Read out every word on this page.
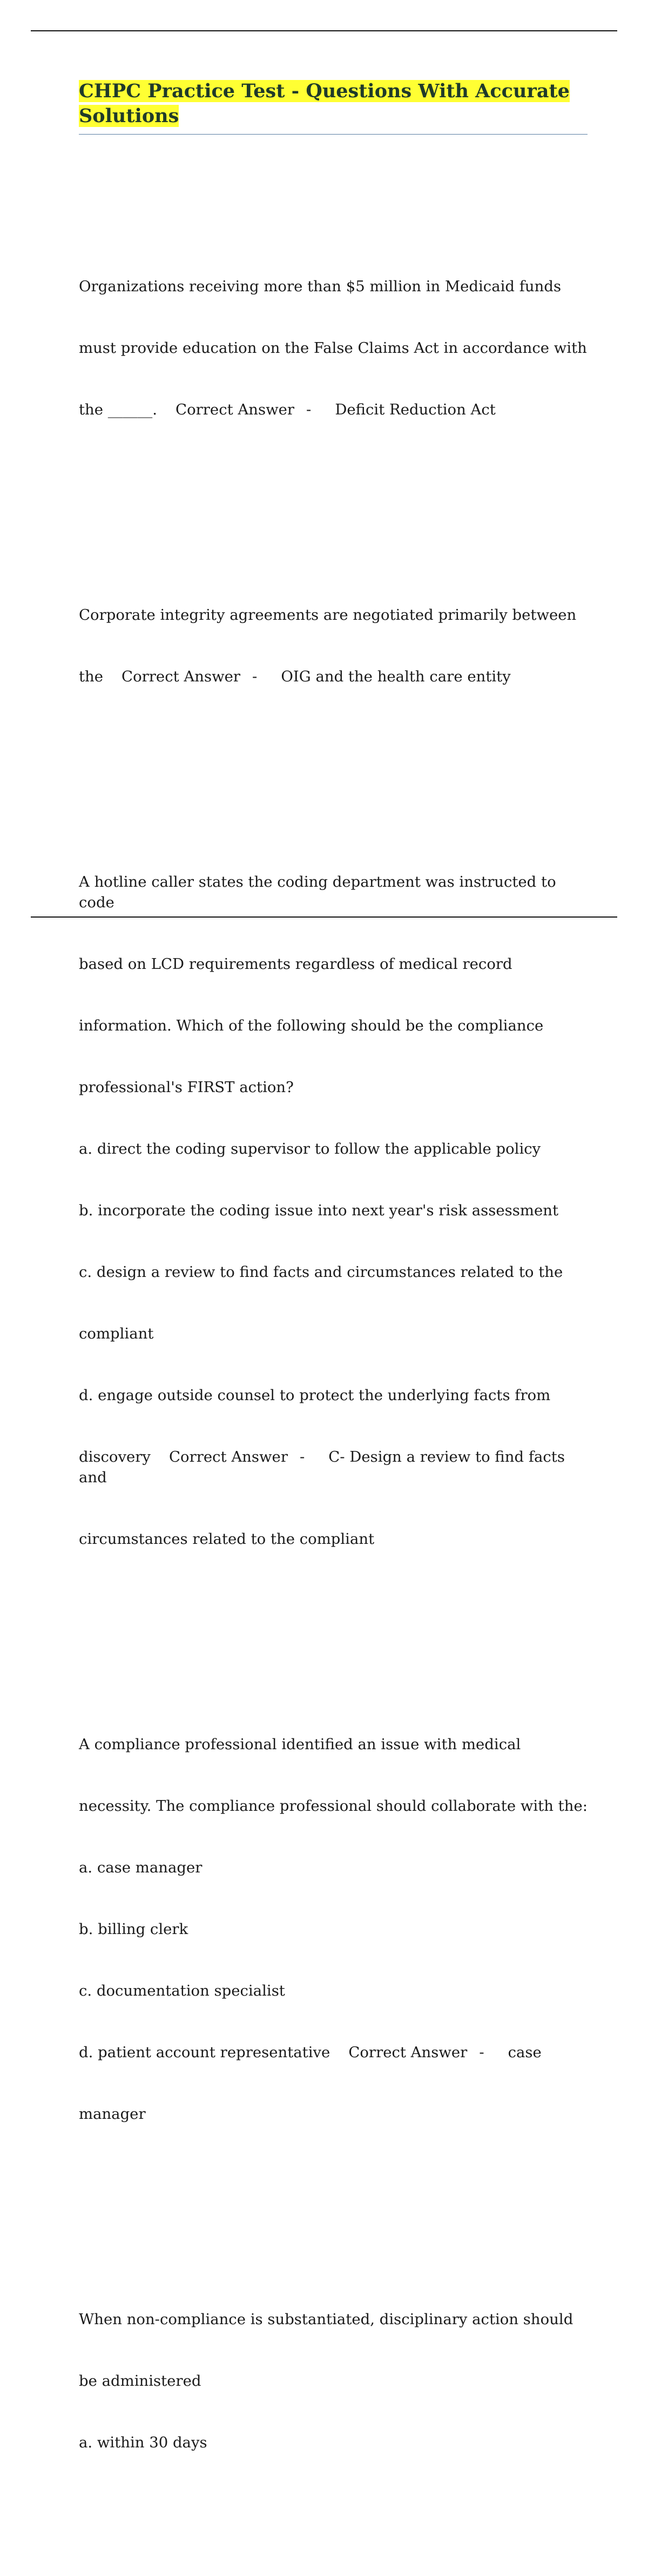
CHPC Practice Test - Questions With Accurate
Solutions

Organizations receiving more than $5 million in Medicaid funds

must provide education on the False Claims Act in accordance with

the ______. Correct Answer - Deficit Reduction Act

Corporate integrity agreements are negotiated primarily between

the Correct Answer - OIG and the health care entity

A hotline caller states the coding department was instructed to code

based on LCD requirements regardless of medical record

information. Which of the following should be the compliance

professional's FIRST action?

a. direct the coding supervisor to follow the applicable policy

b. incorporate the coding issue into next year's risk assessment

c. design a review to find facts and circumstances related to the

compliant

d. engage outside counsel to protect the underlying facts from

discovery Correct Answer - C- Design a review to find facts and

circumstances related to the compliant

A compliance professional identified an issue with medical

necessity. The compliance professional should collaborate with the:

a. case manager

b. billing clerk

c. documentation specialist

d. patient account representative Correct Answer - case

manager

When non-compliance is substantiated, disciplinary action should

be administered

a. within 30 days
